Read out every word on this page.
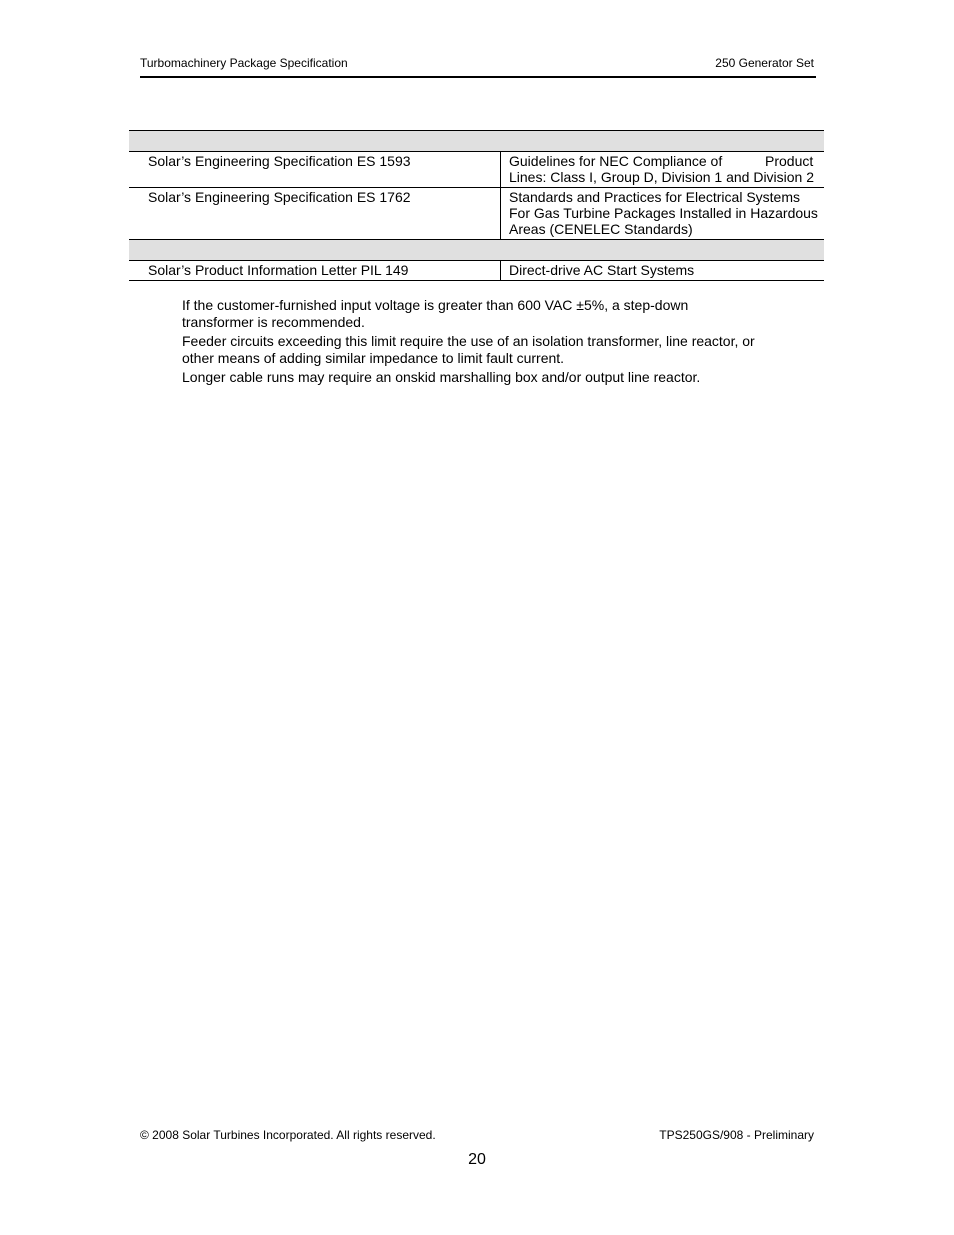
Turbomachinery Package Specification	250 Generator Set

Solar’s Engineering Specification ES 1593	Guidelines for NEC Compliance of           Product Lines: Class I, Group D, Division 1 and Division 2
Solar’s Engineering Specification ES 1762	Standards and Practices for Electrical Systems For Gas Turbine Packages Installed in Hazardous Areas (CENELEC Standards)

Solar’s Product Information Letter PIL 149	Direct-drive AC Start Systems

If the customer-furnished input voltage is greater than 600 VAC ±5%, a step-down transformer is recommended.

Feeder circuits exceeding this limit require the use of an isolation transformer, line reactor, or other means of adding similar impedance to limit fault current.

Longer cable runs may require an onskid marshalling box and/or output line reactor.

© 2008 Solar Turbines Incorporated. All rights reserved.	TPS250GS/908 - Preliminary
20
